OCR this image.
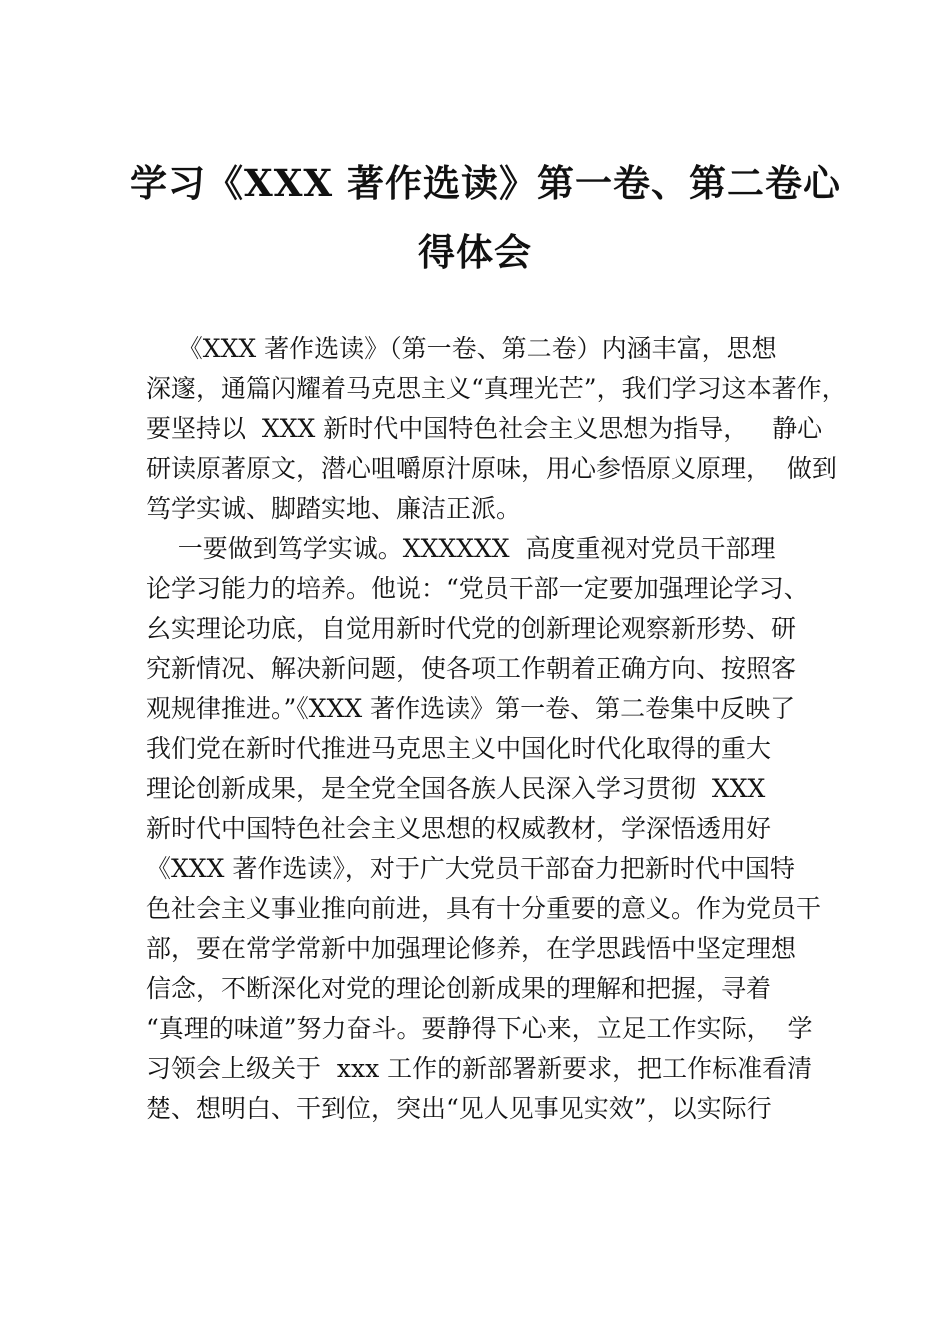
学习《XXX 著作选读》第一卷、第二卷心
得体会
《XXX 著作选读》（第一卷、第二卷）内涵丰富，思想
深邃，通篇闪耀着马克思主义“真理光芒”，我们学习这本著作，
要坚持以  XXX 新时代中国特色社会主义思想为指导，   静心
研读原著原文，潜心咀嚼原汁原味，用心参悟原义原理，  做到
笃学实诚、脚踏实地、廉洁正派。
一要做到笃学实诚。XXXXXX  高度重视对党员干部理
论学习能力的培养。他说：“党员干部一定要加强理论学习、
幺实理论功底，自觉用新时代党的创新理论观察新形势、研
究新情况、解决新问题，使各项工作朝着正确方向、按照客
观规律推进。”《XXX 著作选读》第一卷、第二卷集中反映了
我们党在新时代推进马克思主义中国化时代化取得的重大
理论创新成果，是全党全国各族人民深入学习贯彻  XXX
新时代中国特色社会主义思想的权威教材，学深悟透用好
《XXX 著作选读》，对于广大党员干部奋力把新时代中国特
色社会主义事业推向前进，具有十分重要的意义。作为党员干
部，要在常学常新中加强理论修养，在学思践悟中坚定理想
信念，不断深化对党的理论创新成果的理解和把握，寻着
“真理的味道”努力奋斗。要静得下心来，立足工作实际，  学
习领会上级关于  xxx 工作的新部署新要求，把工作标准看清
楚、想明白、干到位，突出“见人见事见实效”，以实际行
